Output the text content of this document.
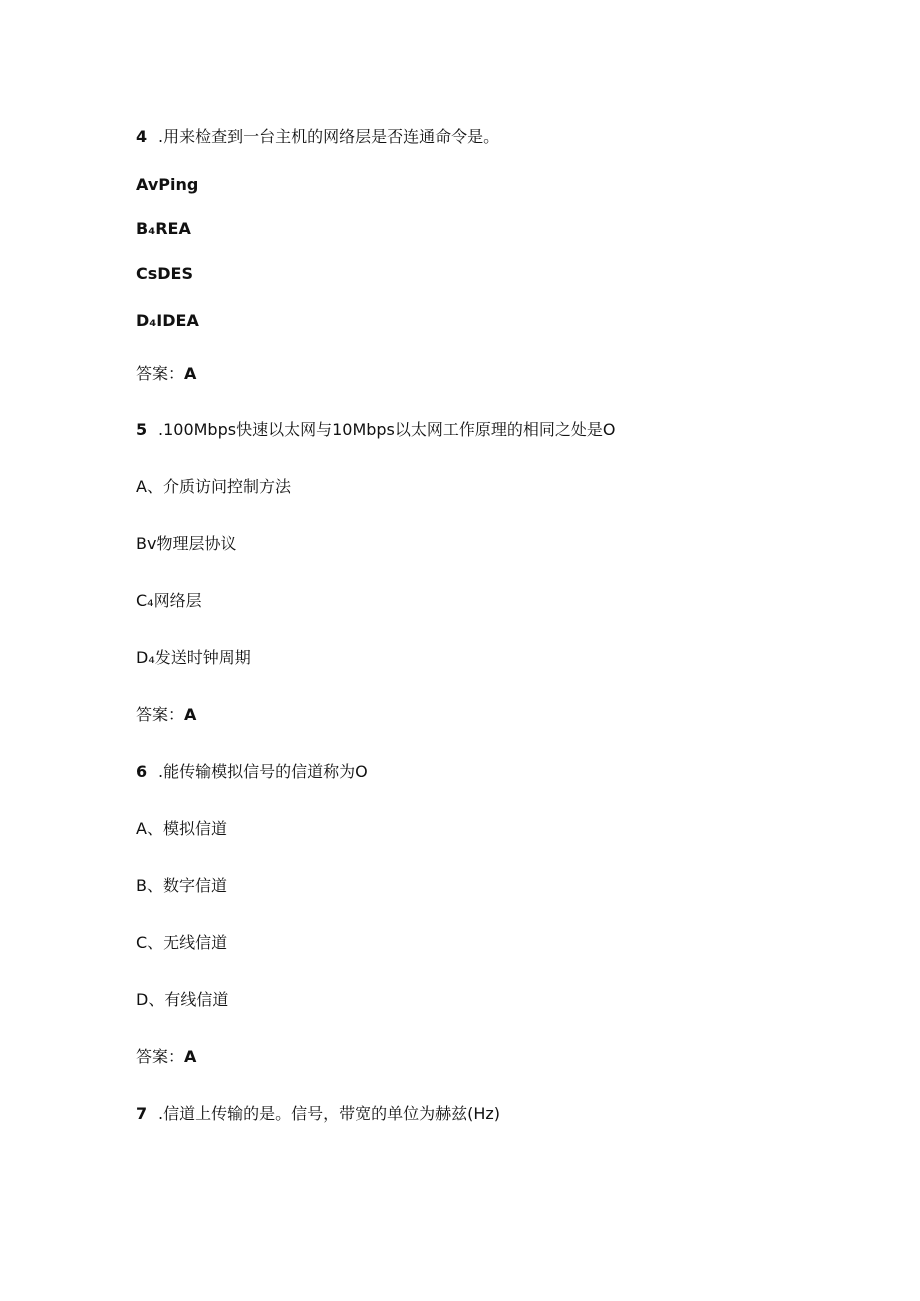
4 .用来检查到一台主机的网络层是否连通命令是。
AvPing
B₄REA
CsDES
D₄IDEA
答案：A
5 .100Mbps快速以太网与10Mbps以太网工作原理的相同之处是O
A、介质访问控制方法
Bv物理层协议
C₄网络层
D₄发送时钟周期
答案：A
6 .能传输模拟信号的信道称为O
A、模拟信道
B、数字信道
C、无线信道
D、有线信道
答案：A
7 .信道上传输的是。信号，带宽的单位为赫兹(Hz)
